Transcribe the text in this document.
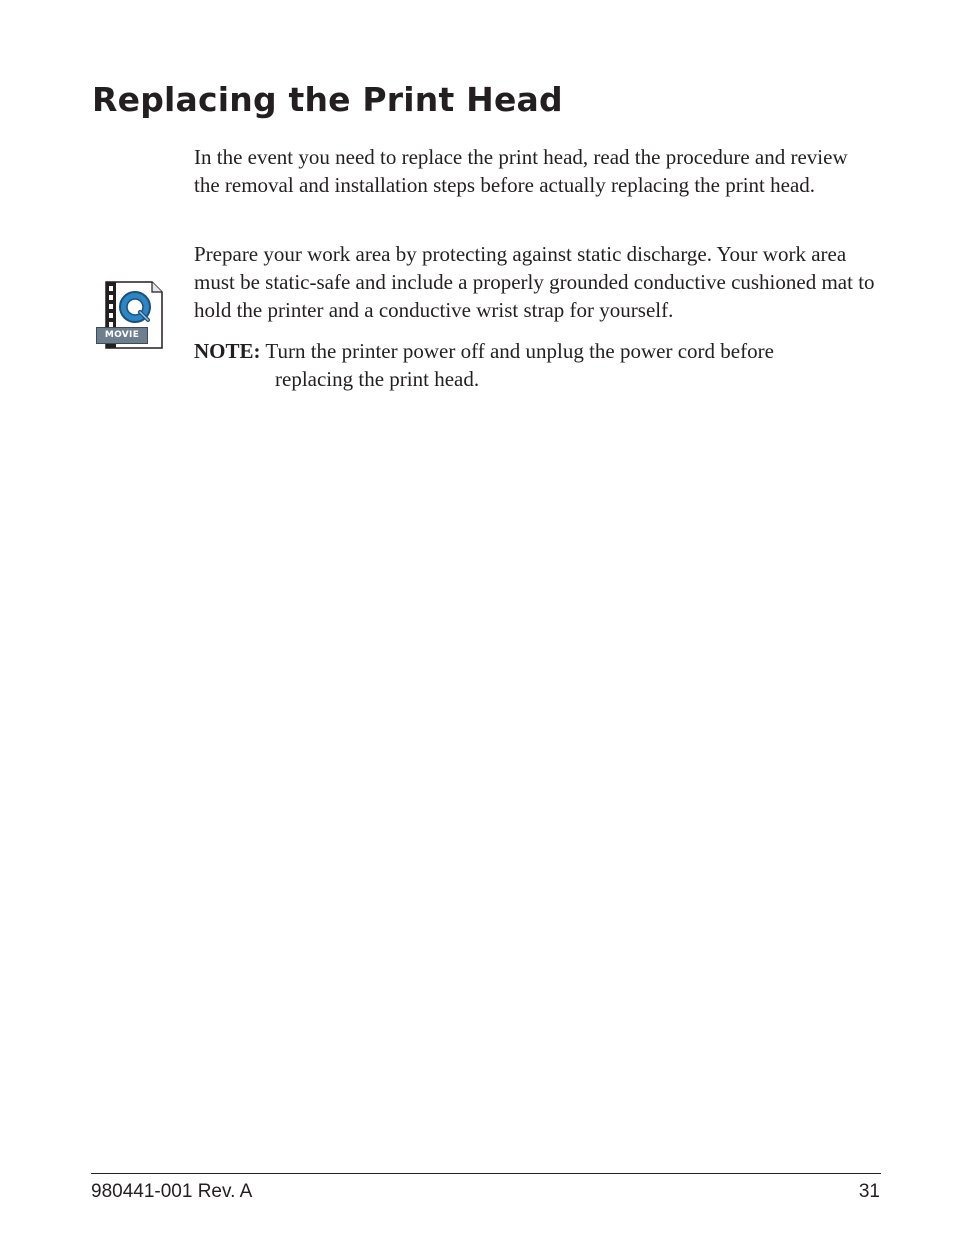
Replacing the Print Head

In the event you need to replace the print head, read the procedure and review the removal and installation steps before actually replacing the print head.

Prepare your work area by protecting against static discharge. Your work area must be static-safe and include a properly grounded conductive cushioned mat to hold the printer and a conductive wrist strap for yourself.

MOVIE

NOTE: Turn the printer power off and unplug the power cord before
replacing the print head.

980441-001 Rev. A	31
